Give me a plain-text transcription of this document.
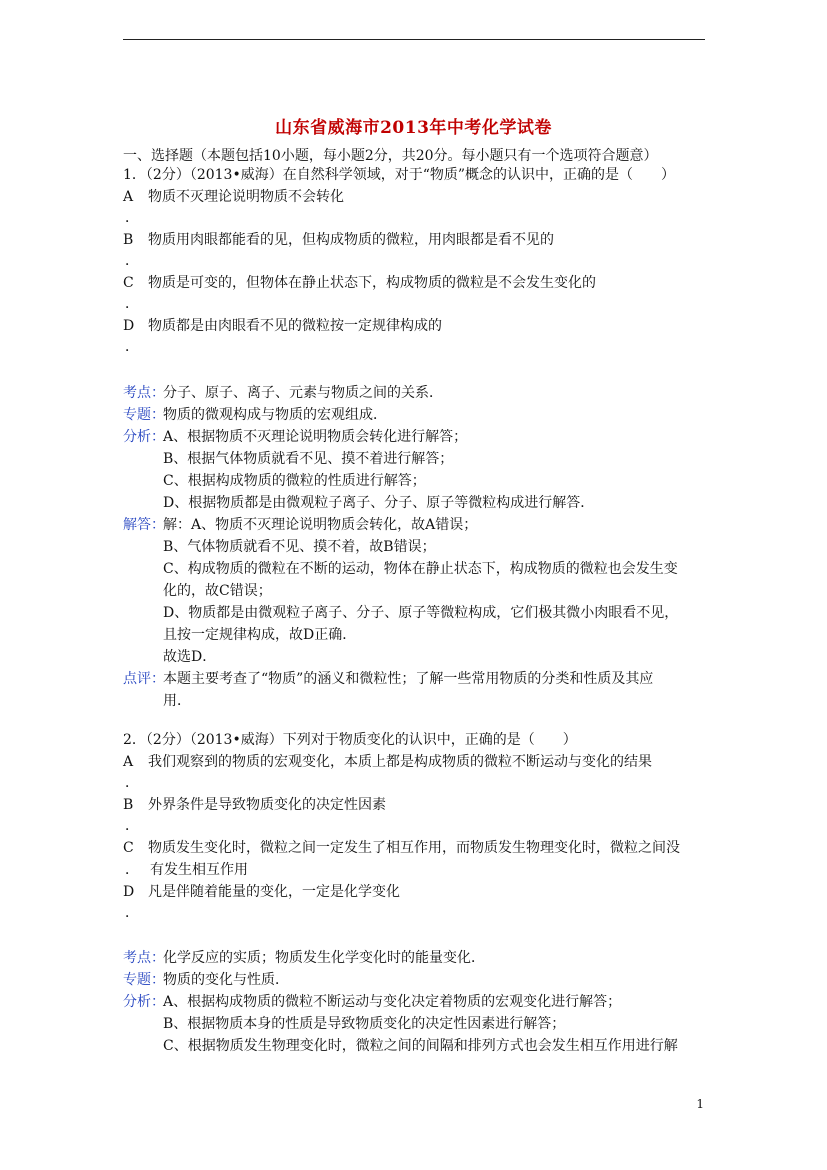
山东省威海市2013年中考化学试卷
一、选择题（本题包括10小题，每小题2分，共20分。每小题只有一个选项符合题意）
1．（2分）（2013•威海）在自然科学领域，对于“物质”概念的认识中，正确的是（　　）
A	物质不灭理论说明物质不会转化
．
B	物质用肉眼都能看的见，但构成物质的微粒，用肉眼都是看不见的
．
C	物质是可变的，但物体在静止状态下，构成物质的微粒是不会发生变化的
．
D 物质都是由肉眼看不见的微粒按一定规律构成的
．
考点：
分子、原子、离子、元素与物质之间的关系．
专题：
物质的微观构成与物质的宏观组成．
分析：
A、根据物质不灭理论说明物质会转化进行解答；
B、根据气体物质就看不见、摸不着进行解答；
C、根据构成物质的微粒的性质进行解答；
D、根据物质都是由微观粒子离子、分子、原子等微粒构成进行解答．
解答：
解：A、物质不灭理论说明物质会转化，故A错误；
B、气体物质就看不见、摸不着，故B错误；
C、构成物质的微粒在不断的运动，物体在静止状态下，构成物质的微粒也会发生变
化的，故C错误；
D、物质都是由微观粒子离子、分子、原子等微粒构成，它们极其微小肉眼看不见，
且按一定规律构成，故D正确．
故选D．
点评：
本题主要考查了“物质”的涵义和微粒性；了解一些常用物质的分类和性质及其应
用．
2．（2分）（2013•威海）下列对于物质变化的认识中，正确的是（　　）
A	我们观察到的物质的宏观变化，本质上都是构成物质的微粒不断运动与变化的结果
．
B	外界条件是导致物质变化的决定性因素
．
C	物质发生变化时，微粒之间一定发生了相互作用，而物质发生物理变化时，微粒之间没
． 有发生相互作用
D 凡是伴随着能量的变化，一定是化学变化
．
考点：
化学反应的实质；物质发生化学变化时的能量变化．
专题：
物质的变化与性质．
分析：
A、根据构成物质的微粒不断运动与变化决定着物质的宏观变化进行解答；
B、根据物质本身的性质是导致物质变化的决定性因素进行解答；
C、根据物质发生物理变化时，微粒之间的间隔和排列方式也会发生相互作用进行解
1
